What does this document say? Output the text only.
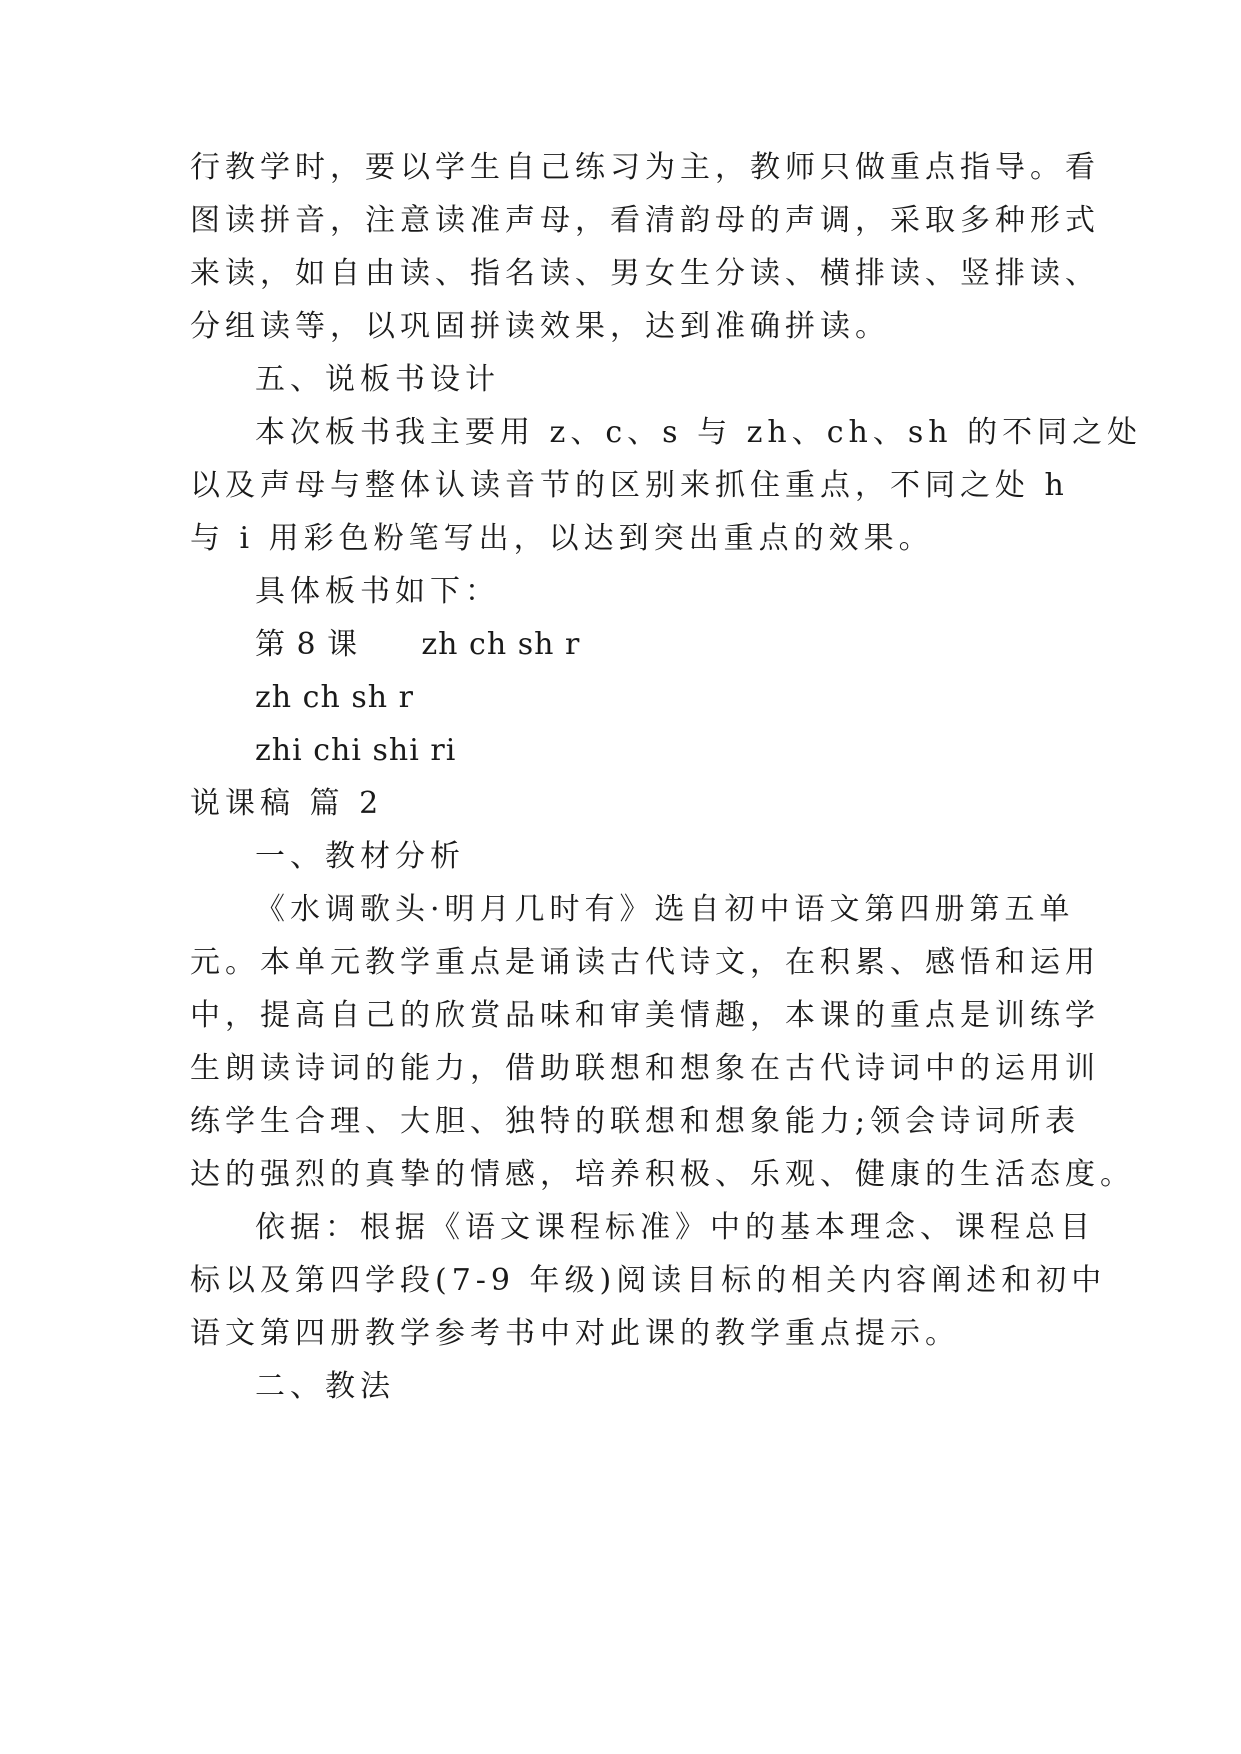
行教学时，要以学生自己练习为主，教师只做重点指导。看
图读拼音，注意读准声母，看清韵母的声调，采取多种形式
来读，如自由读、指名读、男女生分读、横排读、竖排读、
分组读等，以巩固拼读效果，达到准确拼读。
五、说板书设计
本次板书我主要用 z、c、s 与 zh、ch、sh 的不同之处
以及声母与整体认读音节的区别来抓住重点，不同之处 h
与 i 用彩色粉笔写出，以达到突出重点的效果。
具体板书如下：
第 8 课      zh ch sh r
zh ch sh r
zhi chi shi ri
说课稿 篇 2
一、教材分析
《水调歌头·明月几时有》选自初中语文第四册第五单
元。本单元教学重点是诵读古代诗文，在积累、感悟和运用
中，提高自己的欣赏品味和审美情趣，本课的重点是训练学
生朗读诗词的能力，借助联想和想象在古代诗词中的运用训
练学生合理、大胆、独特的联想和想象能力;领会诗词所表
达的强烈的真挚的情感，培养积极、乐观、健康的生活态度。
依据：根据《语文课程标准》中的基本理念、课程总目
标以及第四学段(7-9 年级)阅读目标的相关内容阐述和初中
语文第四册教学参考书中对此课的教学重点提示。
二、教法
